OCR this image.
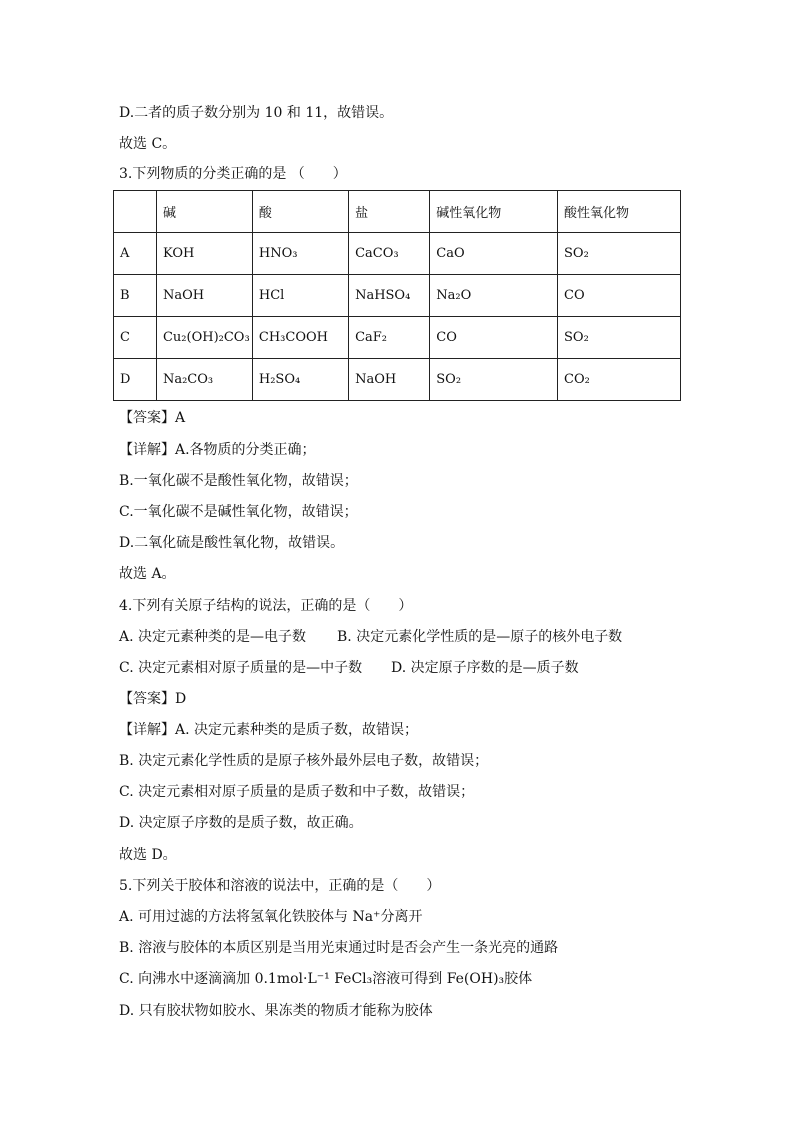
D.二者的质子数分别为 10 和 11，故错误。
故选 C。
3.下列物质的分类正确的是 （　　）
	碱	酸	盐	碱性氧化物	酸性氧化物
A	KOH	HNO₃	CaCO₃	CaO	SO₂
B	NaOH	HCl	NaHSO₄	Na₂O	CO
C	Cu₂(OH)₂CO₃	CH₃COOH	CaF₂	CO	SO₂
D	Na₂CO₃	H₂SO₄	NaOH	SO₂	CO₂
【答案】A
【详解】A.各物质的分类正确；
B.一氧化碳不是酸性氧化物，故错误；
C.一氧化碳不是碱性氧化物，故错误；
D.二氧化硫是酸性氧化物，故错误。
故选 A。
4.下列有关原子结构的说法，正确的是（　　）
A. 决定元素种类的是—电子数 B. 决定元素化学性质的是—原子的核外电子数
C. 决定元素相对原子质量的是—中子数 D. 决定原子序数的是—质子数
【答案】D
【详解】A. 决定元素种类的是质子数，故错误；
B. 决定元素化学性质的是原子核外最外层电子数，故错误；
C. 决定元素相对原子质量的是质子数和中子数，故错误；
D. 决定原子序数的是质子数，故正确。
故选 D。
5.下列关于胶体和溶液的说法中，正确的是（　　）
A. 可用过滤的方法将氢氧化铁胶体与 Na⁺分离开
B. 溶液与胶体的本质区别是当用光束通过时是否会产生一条光亮的通路
C. 向沸水中逐滴滴加 0.1mol·L⁻¹ FeCl₃溶液可得到 Fe(OH)₃胶体
D. 只有胶状物如胶水、果冻类的物质才能称为胶体
